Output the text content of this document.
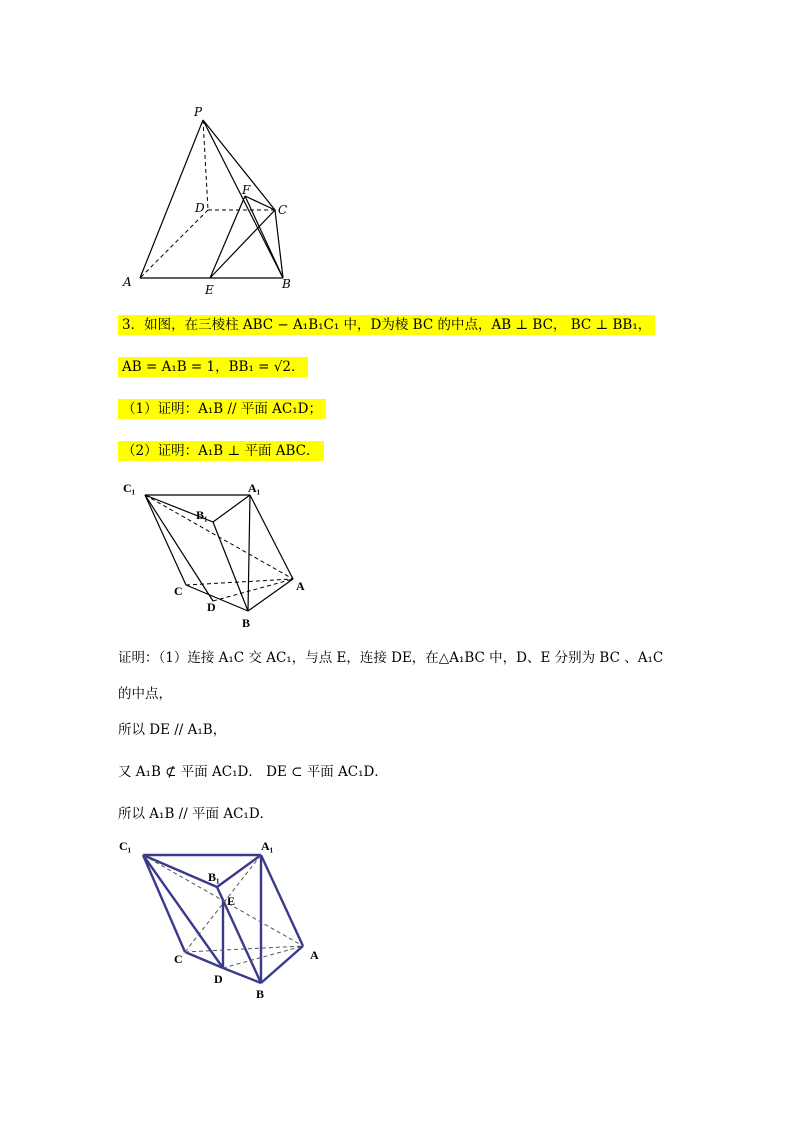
P
D
F
C
A
E	B
3．如图，在三棱柱 ABC − A₁B₁C₁ 中，D为棱 BC 的中点，AB ⊥ BC， BC ⊥ BB₁，
AB = A₁B = 1，BB₁ = √2．
（1）证明：A₁B // 平面 AC₁D；
（2）证明：A₁B ⊥ 平面 ABC．
C₁	A₁
B₁
C	A
D
B
证明：（1）连接 A₁C 交 AC₁，与点 E，连接 DE，在△A₁BC 中，D、E 分别为 BC 、A₁C
的中点，
所以 DE // A₁B，
又 A₁B ⊄ 平面 AC₁D． DE ⊂ 平面 AC₁D．
所以 A₁B // 平面 AC₁D．
C₁	A₁
B₁
E
C	A
D
B
